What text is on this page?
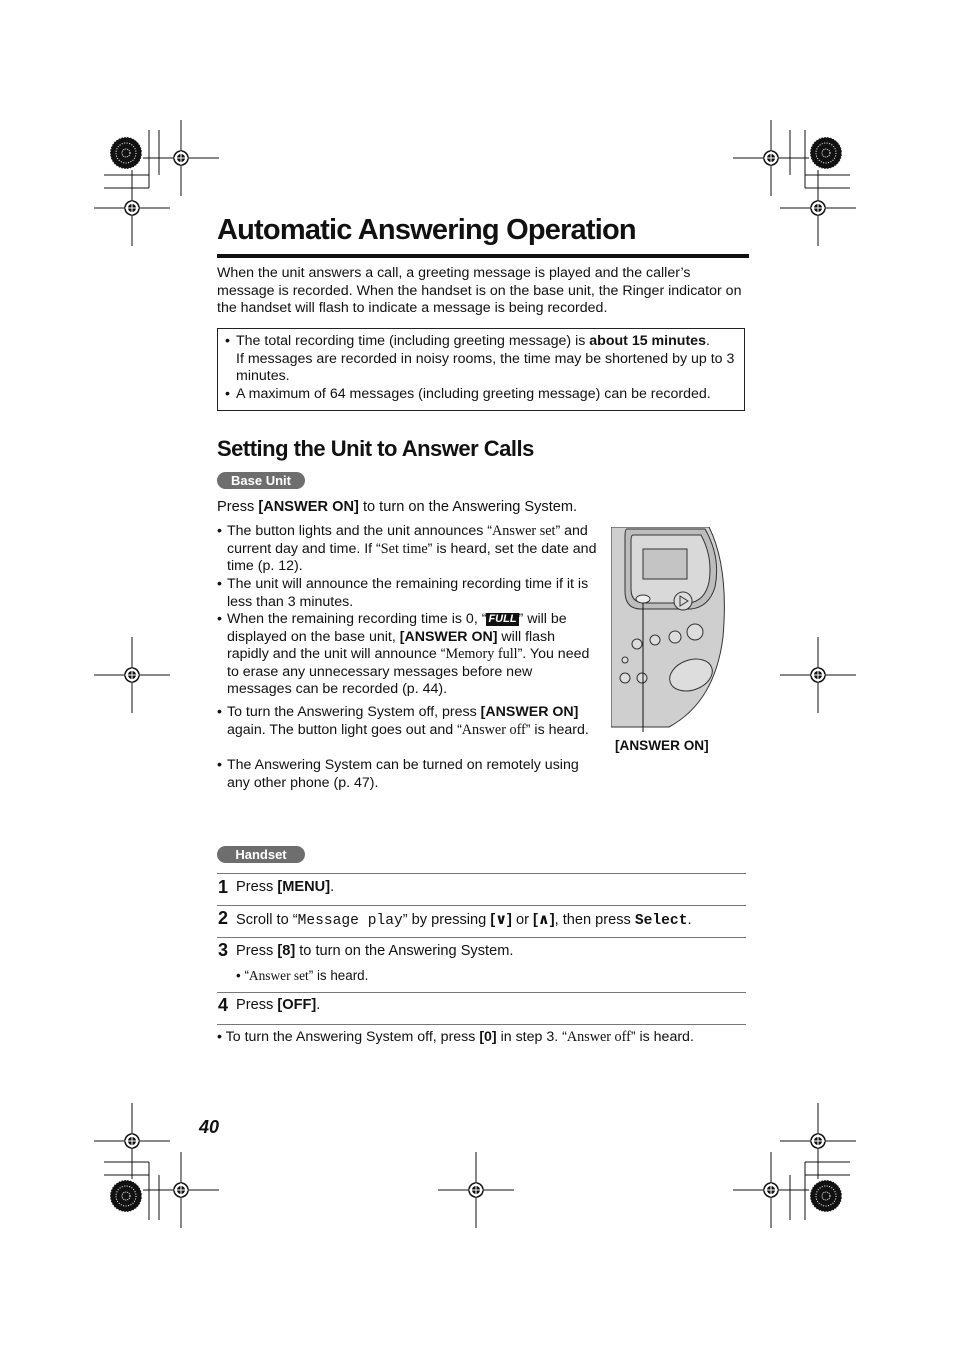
Automatic Answering Operation
When the unit answers a call, a greeting message is played and the caller’s message is recorded. When the handset is on the base unit, the Ringer indicator on the handset will flash to indicate a message is being recorded.
• The total recording time (including greeting message) is about 15 minutes.
If messages are recorded in noisy rooms, the time may be shortened by up to 3 minutes.
• A maximum of 64 messages (including greeting message) can be recorded.
Setting the Unit to Answer Calls
Base Unit
Press [ANSWER ON] to turn on the Answering System.
• The button lights and the unit announces “Answer set” and current day and time. If “Set time” is heard, set the date and time (p. 12).
• The unit will announce the remaining recording time if it is less than 3 minutes.
• When the remaining recording time is 0, “ FULL ” will be displayed on the base unit, [ANSWER ON] will flash rapidly and the unit will announce “Memory full”. You need to erase any unnecessary messages before new messages can be recorded (p. 44).
• To turn the Answering System off, press [ANSWER ON] again. The button light goes out and “Answer off” is heard.
• The Answering System can be turned on remotely using any other phone (p. 47).
[ANSWER ON]
Handset
1 Press [MENU].
2 Scroll to “Message play” by pressing [∨] or [∧], then press Select.
3 Press [8] to turn on the Answering System.
• “Answer set” is heard.
4 Press [OFF].
• To turn the Answering System off, press [0] in step 3. “Answer off” is heard.
40
